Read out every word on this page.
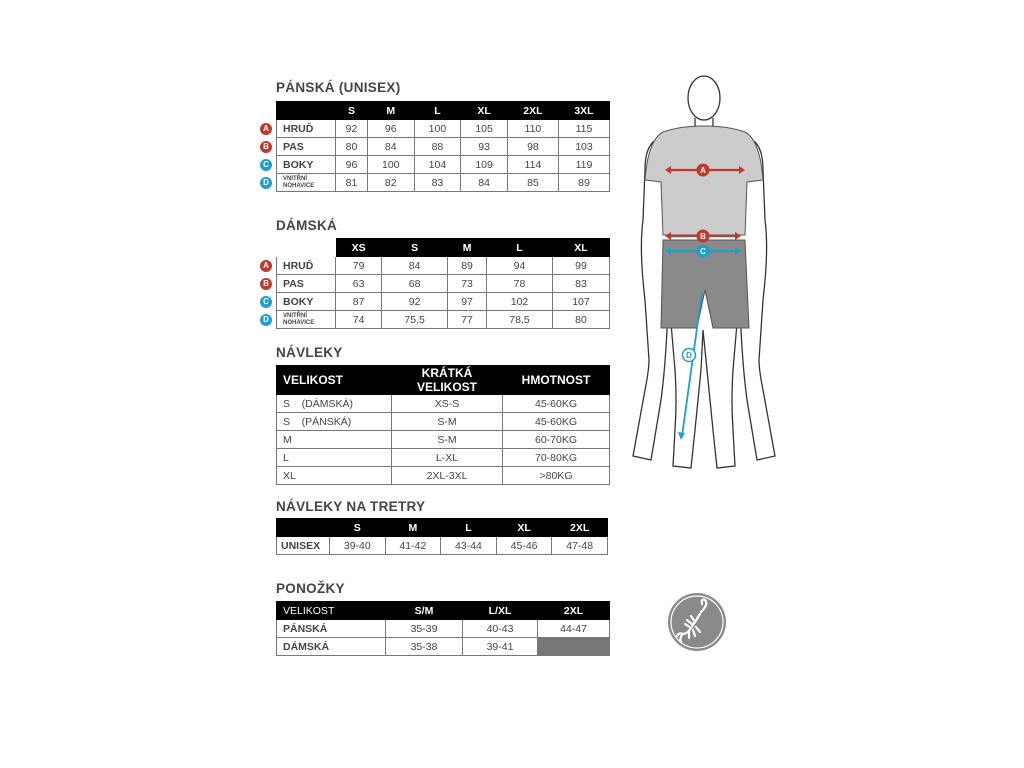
PÁNSKÁ (UNISEX)
	S	M	L	XL	2XL	3XL
HRUĎ	92	96	100	105	110	115
PAS	80	84	88	93	98	103
BOKY	96	100	104	109	114	119
VNITŘNÍ NOHAVICE	81	82	83	84	85	89
A
B
C
D
DÁMSKÁ
	XS	S	M	L	XL
HRUĎ	79	84	89	94	99
PAS	63	68	73	78	83
BOKY	87	92	97	102	107
VNITŘNÍ NOHAVICE	74	75,5	77	78,5	80
A
B
C
D
NÁVLEKY
VELIKOST	KRÁTKÁ VELIKOST	HMOTNOST
S    (DÁMSKÁ)	XS-S	45-60KG
S    (PÁNSKÁ)	S-M	45-60KG
M	S-M	60-70KG
L	L-XL	70-80KG
XL	2XL-3XL	>80KG
NÁVLEKY NA TRETRY
	S	M	L	XL	2XL
UNISEX	39-40	41-42	43-44	45-46	47-48
PONOŽKY
VELIKOST	S/M	L/XL	2XL
PÁNSKÁ	35-39	40-43	44-47
DÁMSKÁ	35-38	39-41	
A
B
C
D
